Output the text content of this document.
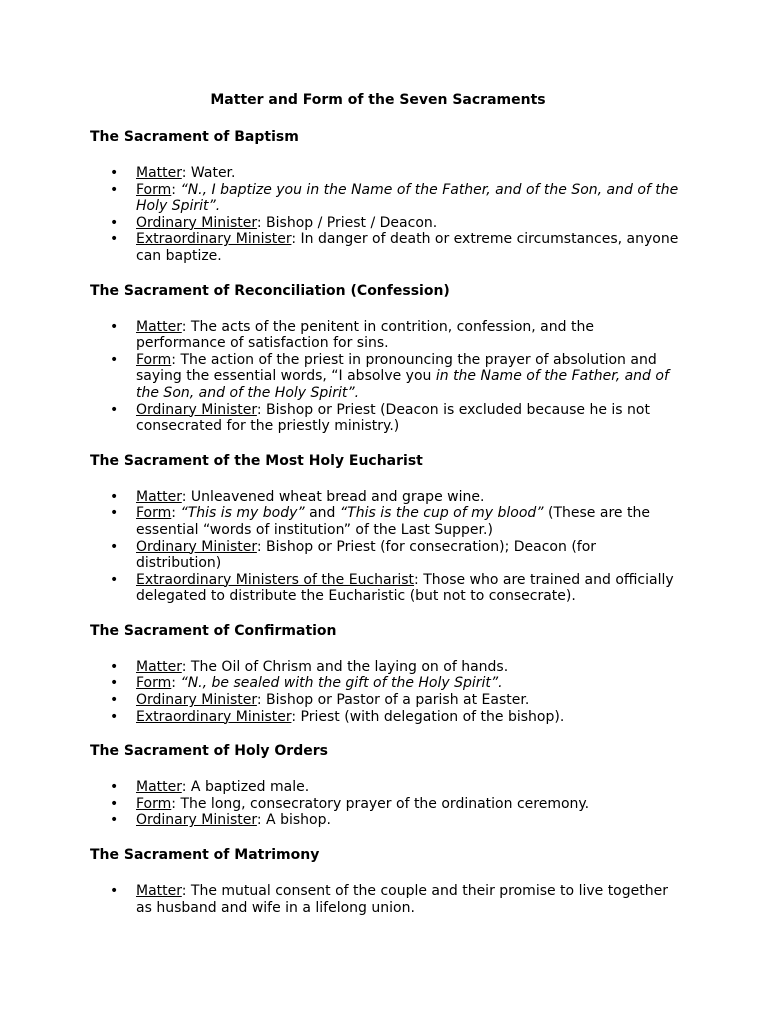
Matter and Form of the Seven Sacraments
The Sacrament of Baptism
• Matter: Water.
• Form: “N., I baptize you in the Name of the Father, and of the Son, and of the Holy Spirit”.
• Ordinary Minister: Bishop / Priest / Deacon.
• Extraordinary Minister: In danger of death or extreme circumstances, anyone can baptize.
The Sacrament of Reconciliation (Confession)
• Matter: The acts of the penitent in contrition, confession, and the performance of satisfaction for sins.
• Form: The action of the priest in pronouncing the prayer of absolution and saying the essential words, “I absolve you in the Name of the Father, and of the Son, and of the Holy Spirit”.
• Ordinary Minister: Bishop or Priest (Deacon is excluded because he is not consecrated for the priestly ministry.)
The Sacrament of the Most Holy Eucharist
• Matter: Unleavened wheat bread and grape wine.
• Form: “This is my body” and “This is the cup of my blood” (These are the essential “words of institution” of the Last Supper.)
• Ordinary Minister: Bishop or Priest (for consecration); Deacon (for distribution)
• Extraordinary Ministers of the Eucharist: Those who are trained and officially delegated to distribute the Eucharistic (but not to consecrate).
The Sacrament of Confirmation
• Matter: The Oil of Chrism and the laying on of hands.
• Form: “N., be sealed with the gift of the Holy Spirit”.
• Ordinary Minister: Bishop or Pastor of a parish at Easter.
• Extraordinary Minister: Priest (with delegation of the bishop).
The Sacrament of Holy Orders
• Matter: A baptized male.
• Form: The long, consecratory prayer of the ordination ceremony.
• Ordinary Minister: A bishop.
The Sacrament of Matrimony
• Matter: The mutual consent of the couple and their promise to live together as husband and wife in a lifelong union.
